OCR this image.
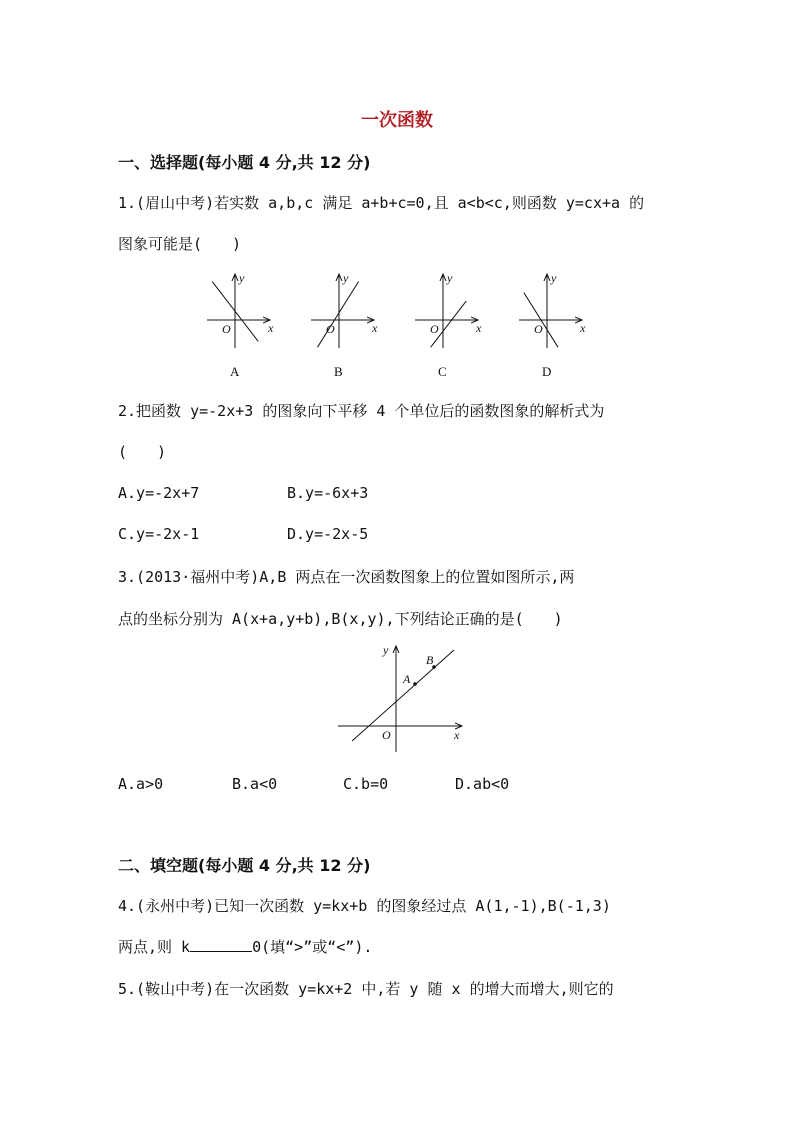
一次函数
一、选择题(每小题 4 分,共 12 分)
1.(眉山中考)若实数 a,b,c 满足 a+b+c=0,且 a<b<c,则函数 y=cx+a 的
图象可能是(　　)
x
y
O
A
x
y
O
B
x
y
O
C
x
y
O
D
2.把函数 y=-2x+3 的图象向下平移 4 个单位后的函数图象的解析式为
(　　)
A.y=-2x+7	B.y=-6x+3
C.y=-2x-1	D.y=-2x-5
3.(2013·福州中考)A,B 两点在一次函数图象上的位置如图所示,两
点的坐标分别为 A(x+a,y+b),B(x,y),下列结论正确的是(　　)
A
B
x
y
O
A.a>0	B.a<0	C.b=0	D.ab<0
二、填空题(每小题 4 分,共 12 分)
4.(永州中考)已知一次函数 y=kx+b 的图象经过点 A(1,-1),B(-1,3)
两点,则 k	0(填“>”或“<”).
5.(鞍山中考)在一次函数 y=kx+2 中,若 y 随 x 的增大而增大,则它的
